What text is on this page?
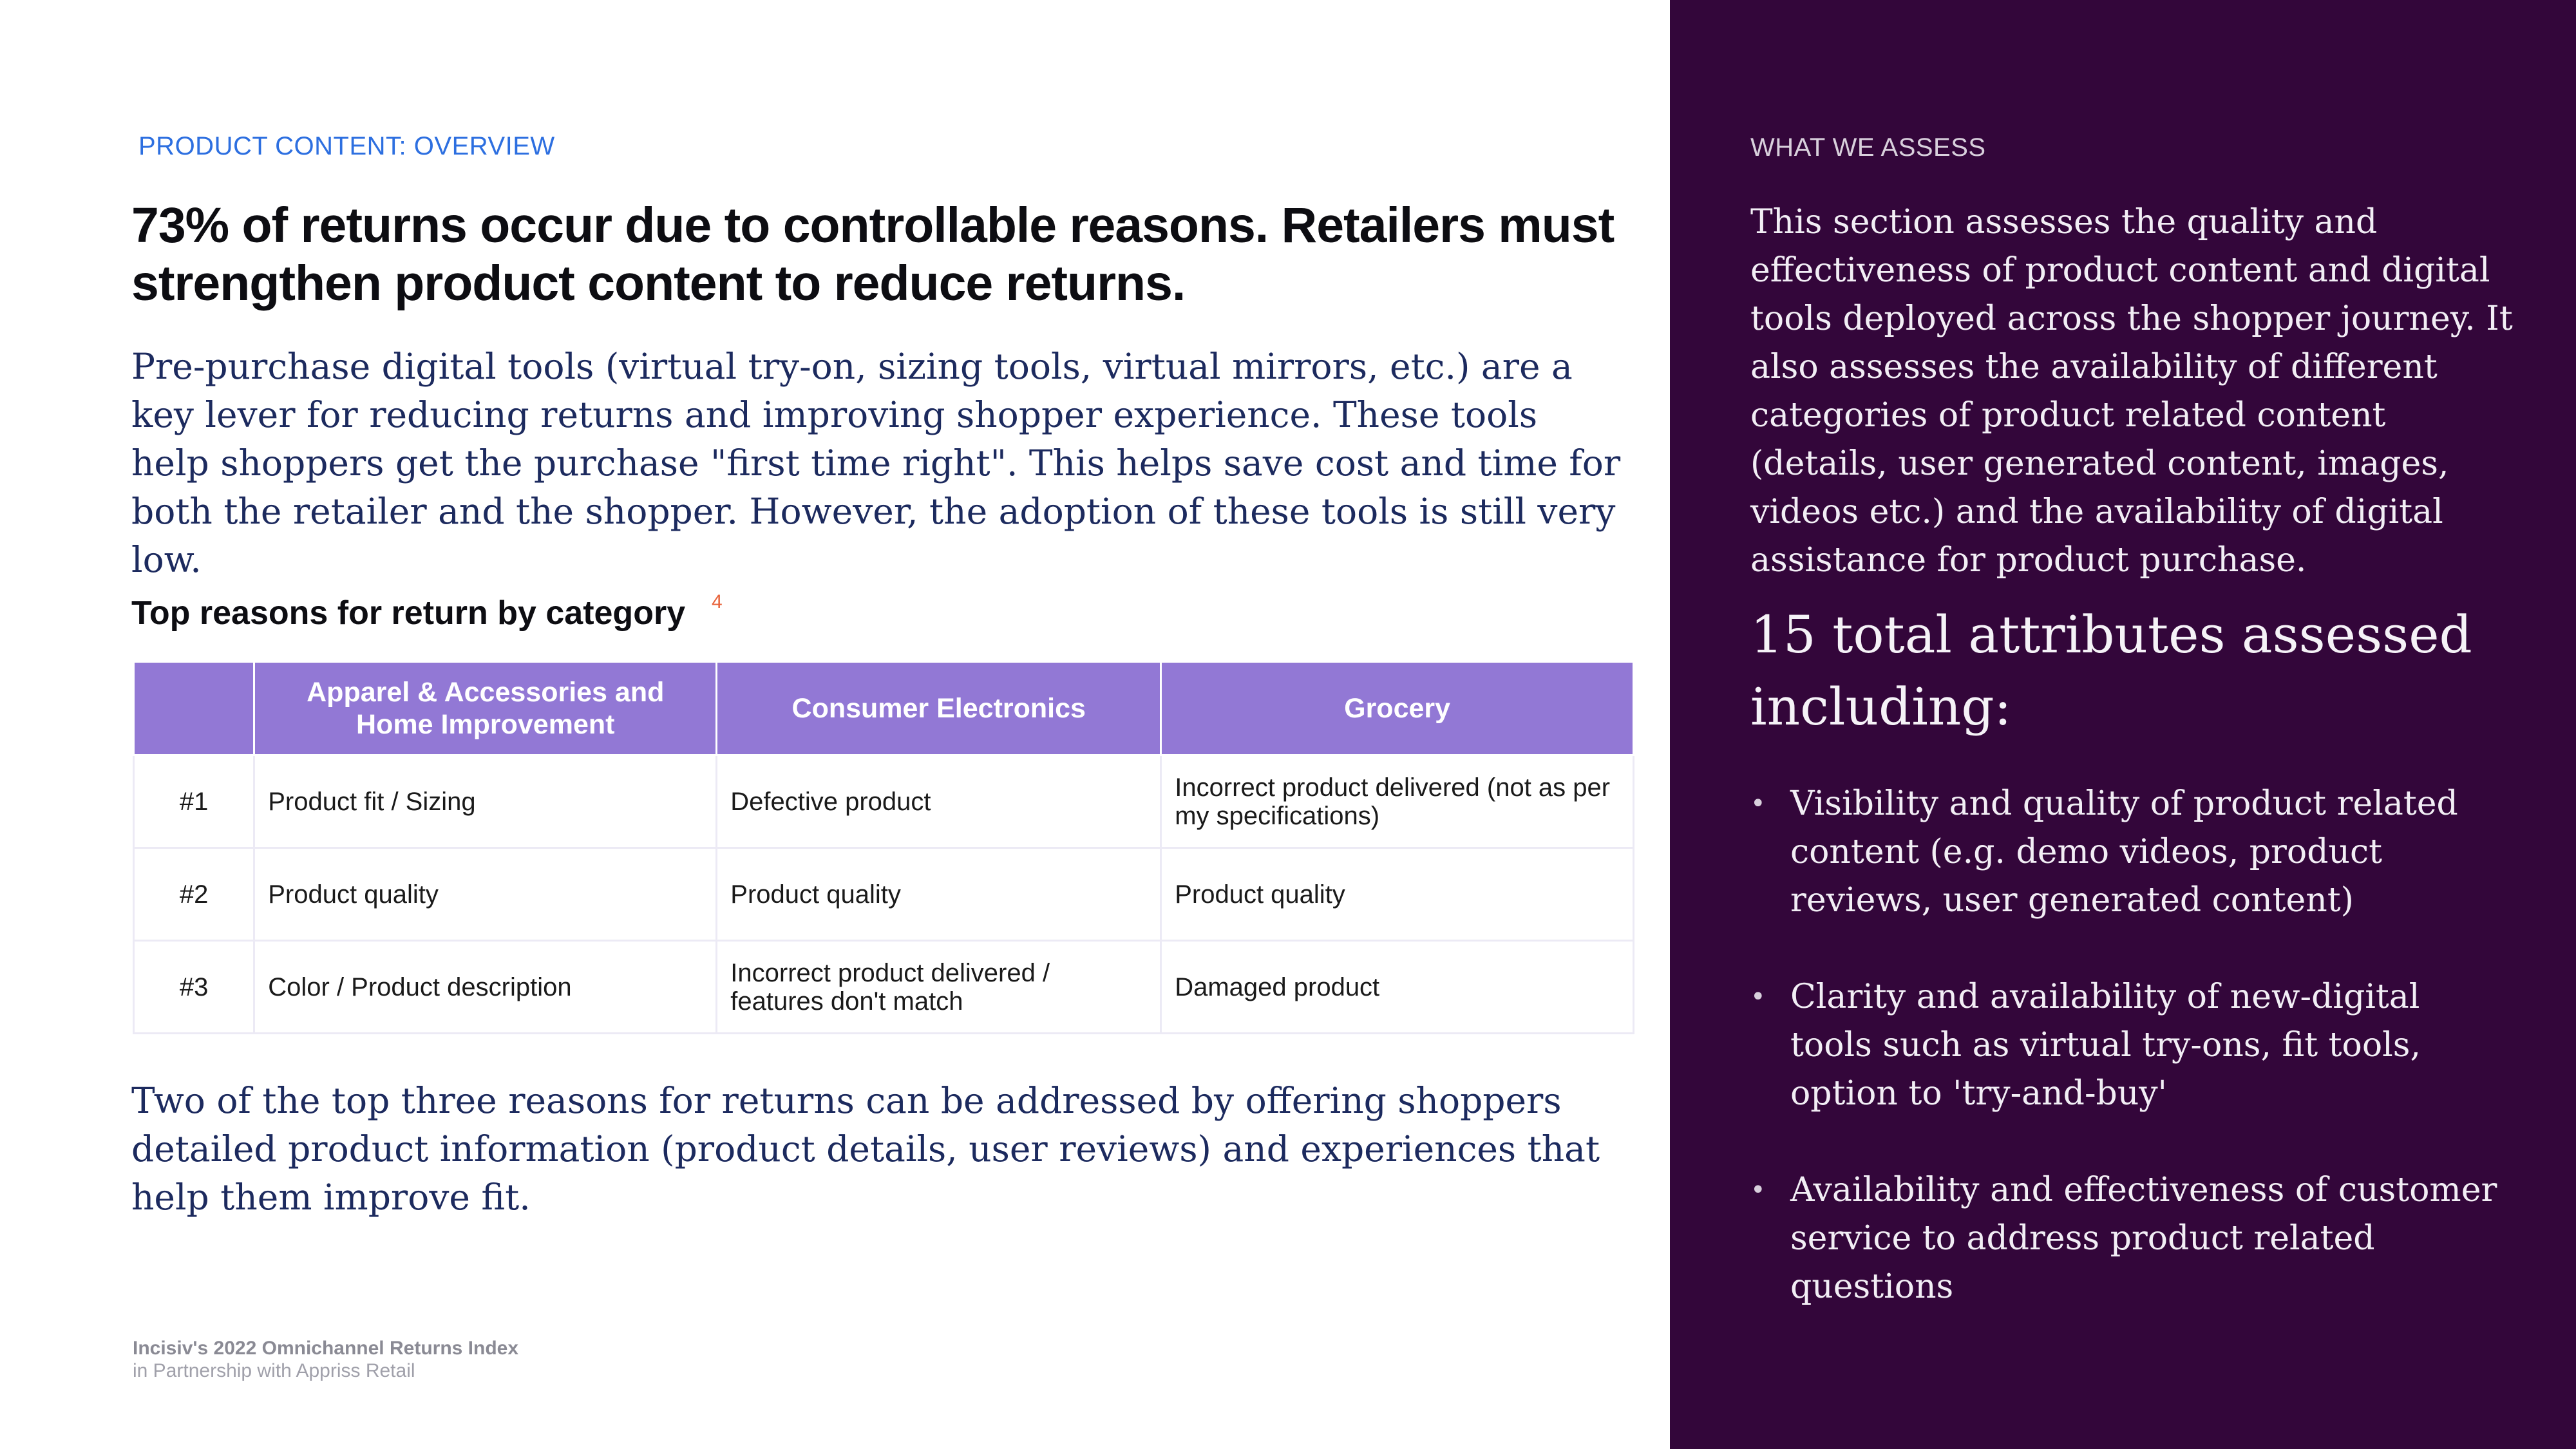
PRODUCT CONTENT: OVERVIEW
73% of returns occur due to controllable reasons. Retailers must strengthen product content to reduce returns.
Pre-purchase digital tools (virtual try-on, sizing tools, virtual mirrors, etc.) are a key lever for reducing returns and improving shopper experience. These tools help shoppers get the purchase "first time right". This helps save cost and time for both the retailer and the shopper. However, the adoption of these tools is still very low.
Top reasons for return by category 4
	Apparel & Accessories and Home Improvement	Consumer Electronics	Grocery
#1	Product fit / Sizing	Defective product	Incorrect product delivered (not as per my specifications)
#2	Product quality	Product quality	Product quality
#3	Color / Product description	Incorrect product delivered / features don't match	Damaged product
Two of the top three reasons for returns can be addressed by offering shoppers detailed product information (product details, user reviews) and experiences that help them improve fit.
Incisiv's 2022 Omnichannel Returns Index
in Partnership with Appriss Retail
WHAT WE ASSESS
This section assesses the quality and effectiveness of product content and digital tools deployed across the shopper journey. It also assesses the availability of different categories of product related content (details, user generated content, images, videos etc.) and the availability of digital assistance for product purchase.
15 total attributes assessed including:
• Visibility and quality of product related content (e.g. demo videos, product reviews, user generated content)
• Clarity and availability of new-digital tools such as virtual try-ons, fit tools, option to 'try-and-buy'
• Availability and effectiveness of customer service to address product related questions
